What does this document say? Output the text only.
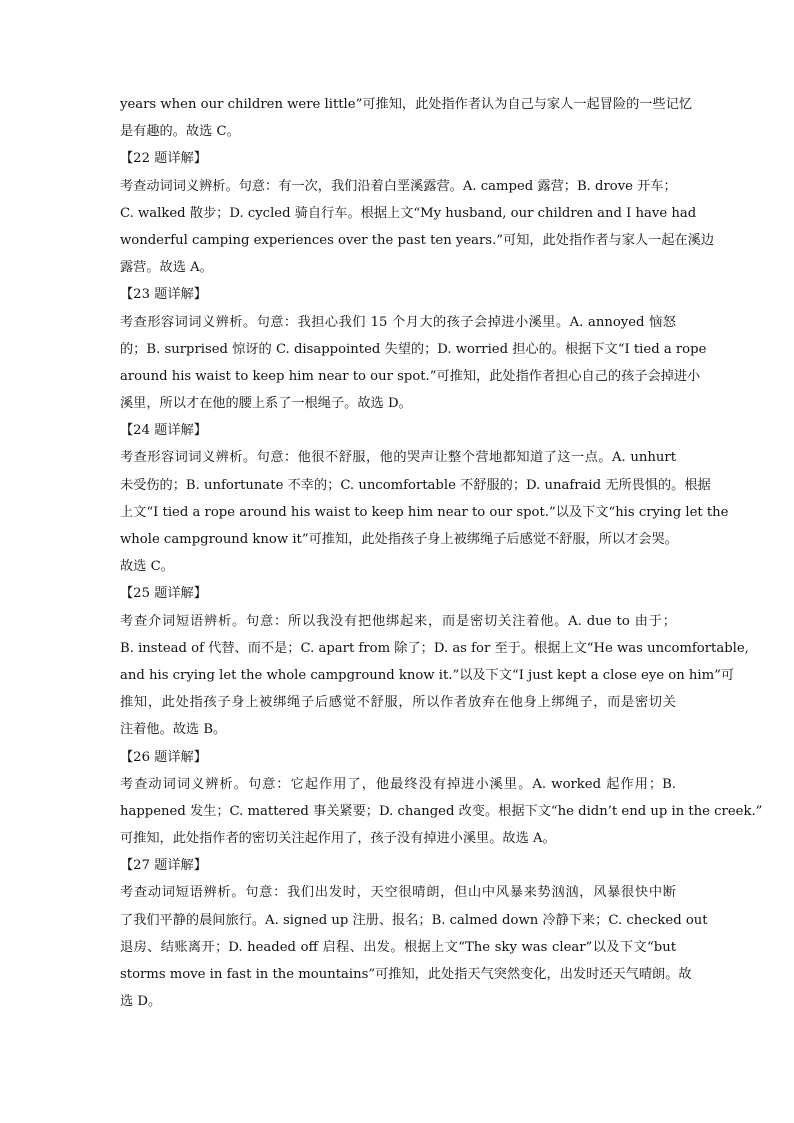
years when our children were little”可推知，此处指作者认为自己与家人一起冒险的一些记忆
是有趣的。故选 C。
【22 题详解】
考查动词词义辨析。句意：有一次，我们沿着白垩溪露营。A. camped 露营；B. drove 开车；
C. walked 散步；D. cycled 骑自行车。根据上文“My husband, our children and I have had
wonderful camping experiences over the past ten years.”可知，此处指作者与家人一起在溪边
露营。故选 A。
【23 题详解】
考查形容词词义辨析。句意：我担心我们 15 个月大的孩子会掉进小溪里。A. annoyed 恼怒
的；B. surprised 惊讶的 C. disappointed 失望的；D. worried 担心的。根据下文“I tied a rope
around his waist to keep him near to our spot.”可推知，此处指作者担心自己的孩子会掉进小
溪里，所以才在他的腰上系了一根绳子。故选 D。
【24 题详解】
考查形容词词义辨析。句意：他很不舒服，他的哭声让整个营地都知道了这一点。A. unhurt
未受伤的；B. unfortunate 不幸的；C. uncomfortable 不舒服的；D. unafraid 无所畏惧的。根据
上文“I tied a rope around his waist to keep him near to our spot.”以及下文“his crying let the
whole campground know it”可推知，此处指孩子身上被绑绳子后感觉不舒服，所以才会哭。
故选 C。
【25 题详解】
考查介词短语辨析。句意：所以我没有把他绑起来，而是密切关注着他。A. due to 由于；
B. instead of 代替、而不是；C. apart from 除了；D. as for 至于。根据上文“He was uncomfortable,
and his crying let the whole campground know it.”以及下文“I just kept a close eye on him”可
推知，此处指孩子身上被绑绳子后感觉不舒服，所以作者放弃在他身上绑绳子，而是密切关
注着他。故选 B。
【26 题详解】
考查动词词义辨析。句意：它起作用了，他最终没有掉进小溪里。A. worked 起作用；B.
happened 发生；C. mattered 事关紧要；D. changed 改变。根据下文“he didn’t end up in the creek.”
可推知，此处指作者的密切关注起作用了，孩子没有掉进小溪里。故选 A。
【27 题详解】
考查动词短语辨析。句意：我们出发时，天空很晴朗，但山中风暴来势汹汹，风暴很快中断
了我们平静的晨间旅行。A. signed up 注册、报名；B. calmed down 冷静下来；C. checked out
退房、结账离开；D. headed off 启程、出发。根据上文“The sky was clear”以及下文“but
storms move in fast in the mountains”可推知，此处指天气突然变化，出发时还天气晴朗。故
选 D。
